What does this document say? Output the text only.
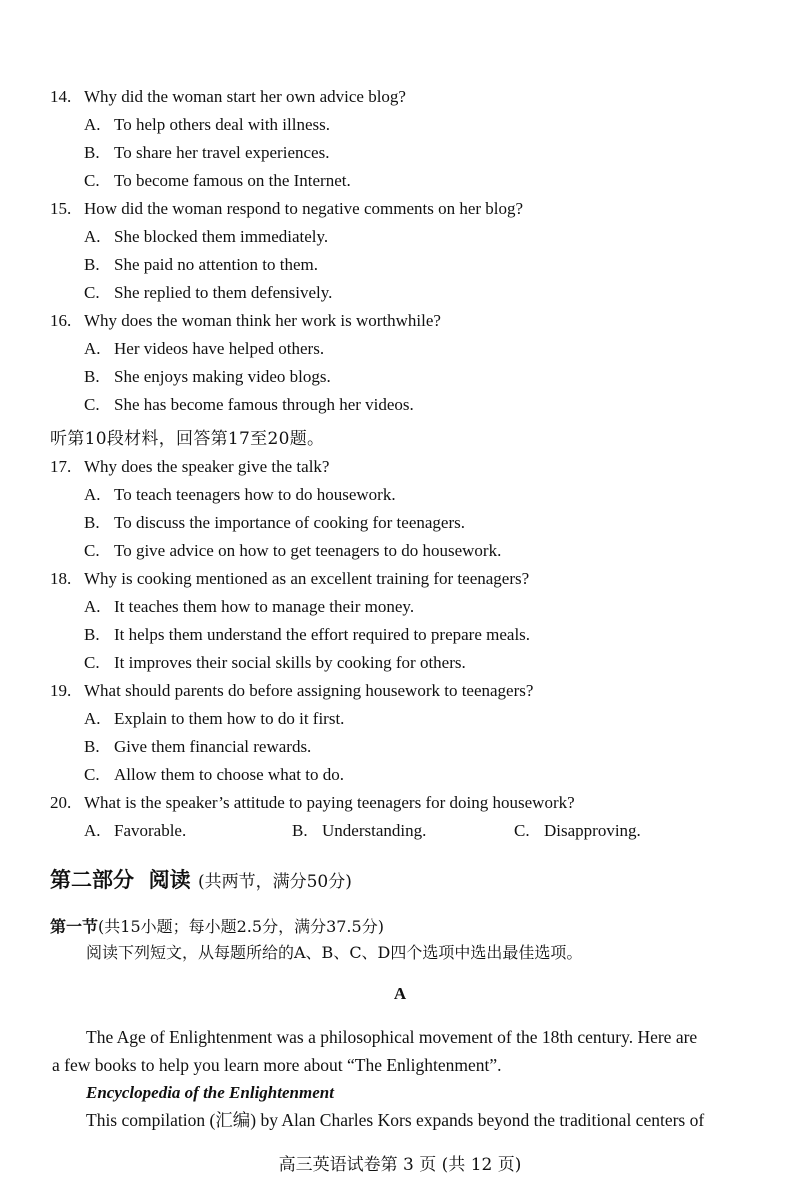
14. Why did the woman start her own advice blog?
A. To help others deal with illness.
B. To share her travel experiences.
C. To become famous on the Internet.
15. How did the woman respond to negative comments on her blog?
A. She blocked them immediately.
B. She paid no attention to them.
C. She replied to them defensively.
16. Why does the woman think her work is worthwhile?
A. Her videos have helped others.
B. She enjoys making video blogs.
C. She has become famous through her videos.
听第10段材料，回答第17至20题。
17. Why does the speaker give the talk?
A. To teach teenagers how to do housework.
B. To discuss the importance of cooking for teenagers.
C. To give advice on how to get teenagers to do housework.
18. Why is cooking mentioned as an excellent training for teenagers?
A. It teaches them how to manage their money.
B. It helps them understand the effort required to prepare meals.
C. It improves their social skills by cooking for others.
19. What should parents do before assigning housework to teenagers?
A. Explain to them how to do it first.
B. Give them financial rewards.
C. Allow them to choose what to do.
20. What is the speaker’s attitude to paying teenagers for doing housework?
A. Favorable.	B. Understanding.	C. Disapproving.
第二部分  阅读 (共两节，满分50分)
第一节(共15小题；每小题2.5分，满分37.5分)
阅读下列短文，从每题所给的A、B、C、D四个选项中选出最佳选项。
A
The Age of Enlightenment was a philosophical movement of the 18th century. Here are
a few books to help you learn more about “The Enlightenment”.
Encyclopedia of the Enlightenment
This compilation (汇编) by Alan Charles Kors expands beyond the traditional centers of
高三英语试卷第 3 页 (共 12 页)
